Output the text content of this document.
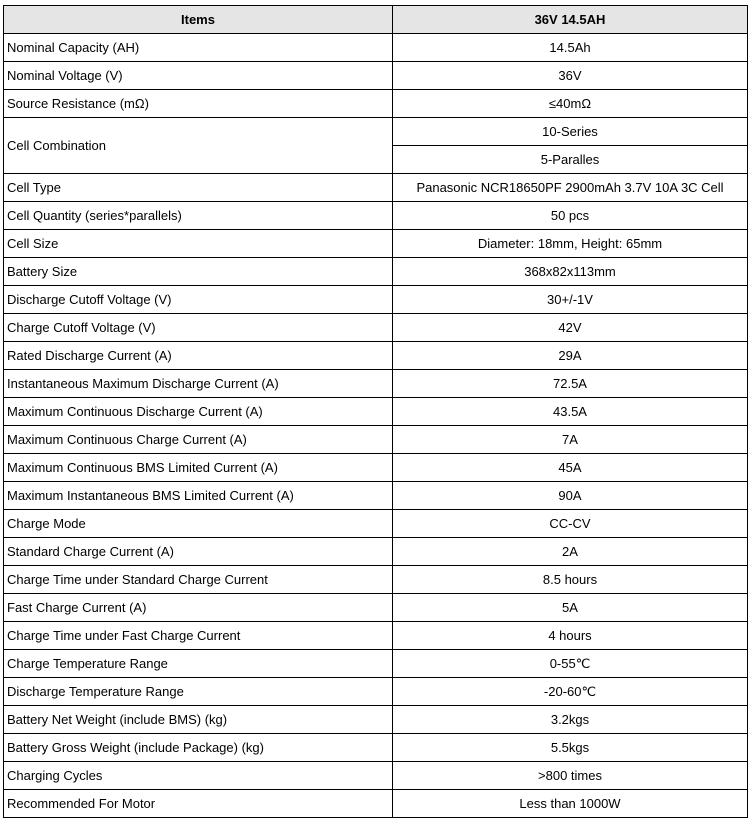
Items	36V 14.5AH
Nominal Capacity (AH)	14.5Ah
Nominal Voltage (V)	36V
Source Resistance (mΩ)	≤40mΩ
Cell Combination	10-Series
	5-Paralles
Cell Type	Panasonic NCR18650PF 2900mAh 3.7V 10A 3C Cell
Cell Quantity (series*parallels)	50 pcs
Cell Size	Diameter: 18mm, Height: 65mm
Battery Size	368x82x113mm
Discharge Cutoff Voltage (V)	30+/-1V
Charge Cutoff Voltage (V)	42V
Rated Discharge Current (A)	29A
Instantaneous Maximum Discharge Current (A)	72.5A
Maximum Continuous Discharge Current (A)	43.5A
Maximum Continuous Charge Current (A)	7A
Maximum Continuous BMS Limited Current (A)	45A
Maximum Instantaneous BMS Limited Current (A)	90A
Charge Mode	CC-CV
Standard Charge Current (A)	2A
Charge Time under Standard Charge Current	8.5 hours
Fast Charge Current (A)	5A
Charge Time under Fast Charge Current	4 hours
Charge Temperature Range	0-55℃
Discharge Temperature Range	-20-60℃
Battery Net Weight (include BMS) (kg)	3.2kgs
Battery Gross Weight (include Package) (kg)	5.5kgs
Charging Cycles	>800 times
Recommended For Motor	Less than 1000W
